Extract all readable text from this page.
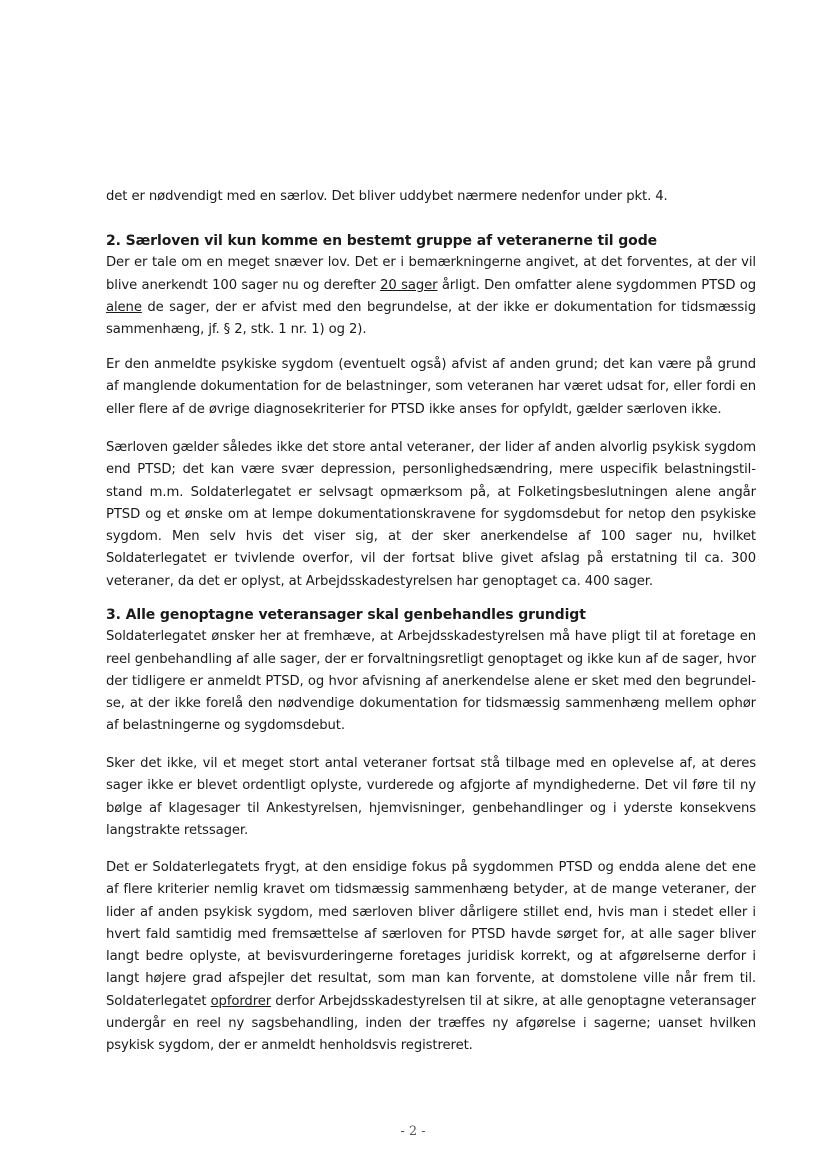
det er nødvendigt med en særlov. Det bliver uddybet nærmere nedenfor under pkt. 4.

2. Særloven vil kun komme en bestemt gruppe af veteranerne til gode

Der er tale om en meget snæver lov. Det er i bemærkningerne angivet, at det forventes, at der vil blive anerkendt 100 sager nu og derefter 20 sager årligt. Den omfatter alene sygdommen PTSD og alene de sager, der er afvist med den begrundelse, at der ikke er dokumentation for tidsmæssig sammenhæng, jf. § 2, stk. 1 nr. 1) og 2).

Er den anmeldte psykiske sygdom (eventuelt også) afvist af anden grund; det kan være på grund af manglende dokumentation for de belastninger, som veteranen har været udsat for, eller fordi en eller flere af de øvrige diagnosekriterier for PTSD ikke anses for opfyldt, gælder særloven ikke.

Særloven gælder således ikke det store antal veteraner, der lider af anden alvorlig psykisk sygdom end PTSD; det kan være svær depression, personlighedsændring, mere uspecifik belastningstilstand m.m. Soldaterlegatet er selvsagt opmærksom på, at Folketingsbeslutningen alene angår PTSD og et ønske om at lempe dokumentationskravene for sygdomsdebut for netop den psykiske sygdom. Men selv hvis det viser sig, at der sker anerkendelse af 100 sager nu, hvilket Soldaterlegatet er tvivlende overfor, vil der fortsat blive givet afslag på erstatning til ca. 300 veteraner, da det er oplyst, at Arbejdsskadestyrelsen har genoptaget ca. 400 sager.

3. Alle genoptagne veteransager skal genbehandles grundigt

Soldaterlegatet ønsker her at fremhæve, at Arbejdsskadestyrelsen må have pligt til at foretage en reel genbehandling af alle sager, der er forvaltningsretligt genoptaget og ikke kun af de sager, hvor der tidligere er anmeldt PTSD, og hvor afvisning af anerkendelse alene er sket med den begrundelse, at der ikke forelå den nødvendige dokumentation for tidsmæssig sammenhæng mellem ophør af belastningerne og sygdomsdebut.

Sker det ikke, vil et meget stort antal veteraner fortsat stå tilbage med en oplevelse af, at deres sager ikke er blevet ordentligt oplyste, vurderede og afgjorte af myndighederne. Det vil føre til ny bølge af klagesager til Ankestyrelsen, hjemvisninger, genbehandlinger og i yderste konsekvens langstrakte retssager.

Det er Soldaterlegatets frygt, at den ensidige fokus på sygdommen PTSD og endda alene det ene af flere kriterier nemlig kravet om tidsmæssig sammenhæng betyder, at de mange veteraner, der lider af anden psykisk sygdom, med særloven bliver dårligere stillet end, hvis man i stedet eller i hvert fald samtidig med fremsættelse af særloven for PTSD havde sørget for, at alle sager bliver langt bedre oplyste, at bevisvurderingerne foretages juridisk korrekt, og at afgørelserne derfor i langt højere grad afspejler det resultat, som man kan forvente, at domstolene ville når frem til. Soldaterlegatet opfordrer derfor Arbejdsskadestyrelsen til at sikre, at alle genoptagne veteransager undergår en reel ny sagsbehandling, inden der træffes ny afgørelse i sagerne; uanset hvilken psykisk sygdom, der er anmeldt henholdsvis registreret.

- 2 -
